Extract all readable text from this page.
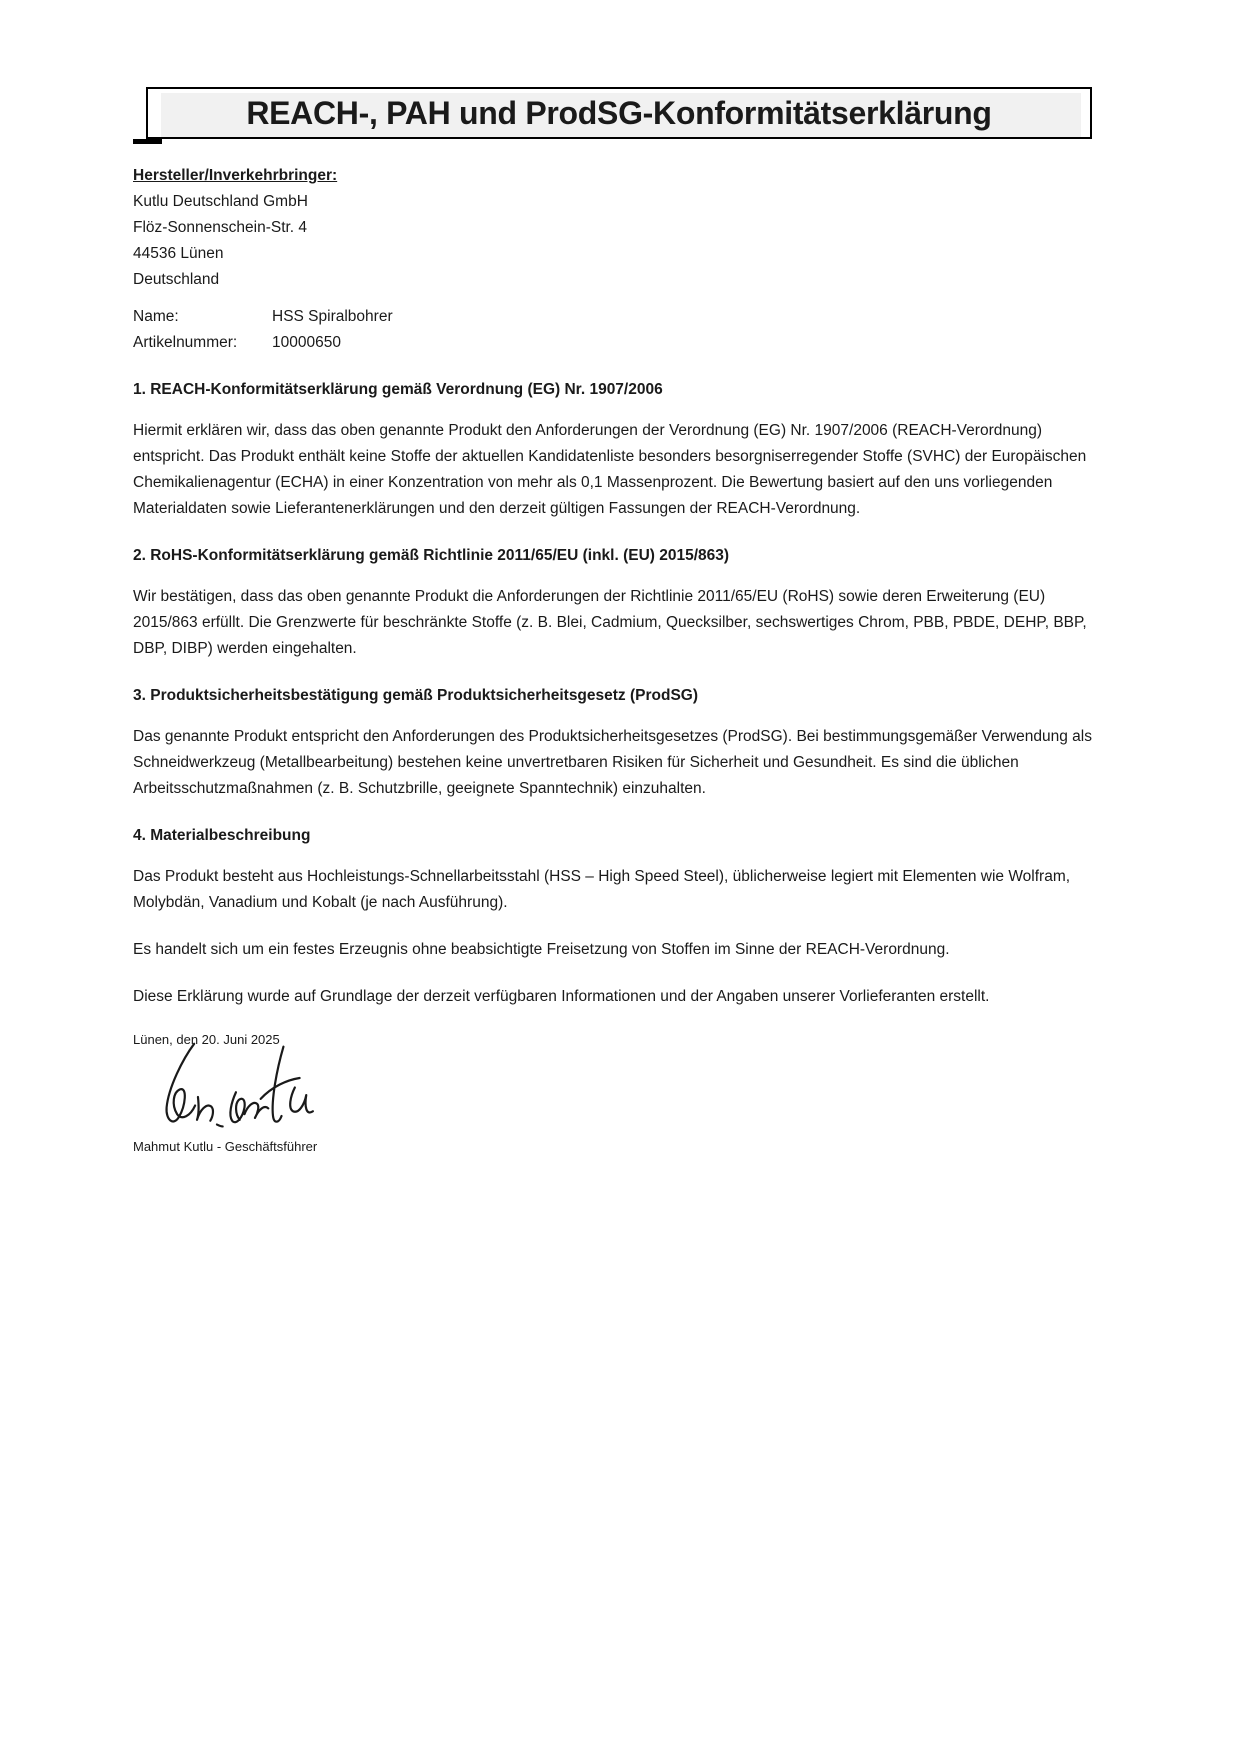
REACH-, PAH und ProdSG-Konformitätserklärung

Hersteller/Inverkehrbringer:

Kutlu Deutschland GmbH

Flöz-Sonnenschein-Str. 4

44536 Lünen

Deutschland

Name:	HSS Spiralbohrer
Artikelnummer:	10000650
1. REACH-Konformitätserklärung gemäß Verordnung (EG) Nr. 1907/2006

Hiermit erklären wir, dass das oben genannte Produkt den Anforderungen der Verordnung (EG) Nr. 1907/2006 (REACH-Verordnung) entspricht. Das Produkt enthält keine Stoffe der aktuellen Kandidatenliste besonders besorgniserregender Stoffe (SVHC) der Europäischen Chemikalienagentur (ECHA) in einer Konzentration von mehr als 0,1 Massenprozent. Die Bewertung basiert auf den uns vorliegenden Materialdaten sowie Lieferantenerklärungen und den derzeit gültigen Fassungen der REACH-Verordnung.

2. RoHS-Konformitätserklärung gemäß Richtlinie 2011/65/EU (inkl. (EU) 2015/863)

Wir bestätigen, dass das oben genannte Produkt die Anforderungen der Richtlinie 2011/65/EU (RoHS) sowie deren Erweiterung (EU) 2015/863 erfüllt. Die Grenzwerte für beschränkte Stoffe (z. B. Blei, Cadmium, Quecksilber, sechswertiges Chrom, PBB, PBDE, DEHP, BBP, DBP, DIBP) werden eingehalten.

3. Produktsicherheitsbestätigung gemäß Produktsicherheitsgesetz (ProdSG)

Das genannte Produkt entspricht den Anforderungen des Produktsicherheitsgesetzes (ProdSG). Bei bestimmungsgemäßer Verwendung als Schneidwerkzeug (Metallbearbeitung) bestehen keine unvertretbaren Risiken für Sicherheit und Gesundheit. Es sind die üblichen Arbeitsschutzmaßnahmen (z. B. Schutzbrille, geeignete Spanntechnik) einzuhalten.

4. Materialbeschreibung

Das Produkt besteht aus Hochleistungs-Schnellarbeitsstahl (HSS – High Speed Steel), üblicherweise legiert mit Elementen wie Wolfram, Molybdän, Vanadium und Kobalt (je nach Ausführung).

Es handelt sich um ein festes Erzeugnis ohne beabsichtigte Freisetzung von Stoffen im Sinne der REACH-Verordnung.

Diese Erklärung wurde auf Grundlage der derzeit verfügbaren Informationen und der Angaben unserer Vorlieferanten erstellt.

Lünen, den 20. Juni 2025

Mahmut Kutlu - Geschäftsführer
